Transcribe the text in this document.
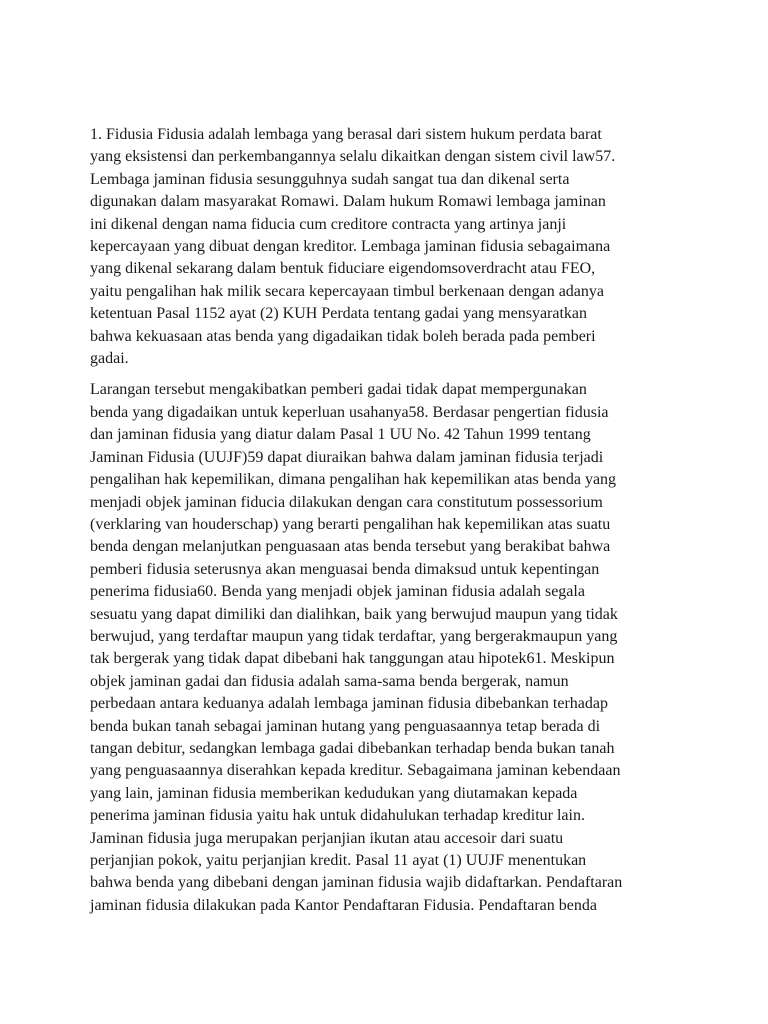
1. Fidusia Fidusia adalah lembaga yang berasal dari sistem hukum perdata barat
yang eksistensi dan perkembangannya selalu dikaitkan dengan sistem civil law57.
Lembaga jaminan fidusia sesungguhnya sudah sangat tua dan dikenal serta
digunakan dalam masyarakat Romawi. Dalam hukum Romawi lembaga jaminan
ini dikenal dengan nama fiducia cum creditore contracta yang artinya janji
kepercayaan yang dibuat dengan kreditor. Lembaga jaminan fidusia sebagaimana
yang dikenal sekarang dalam bentuk fiduciare eigendomsoverdracht atau FEO,
yaitu pengalihan hak milik secara kepercayaan timbul berkenaan dengan adanya
ketentuan Pasal 1152 ayat (2) KUH Perdata tentang gadai yang mensyaratkan
bahwa kekuasaan atas benda yang digadaikan tidak boleh berada pada pemberi
gadai.

Larangan tersebut mengakibatkan pemberi gadai tidak dapat mempergunakan
benda yang digadaikan untuk keperluan usahanya58. Berdasar pengertian fidusia
dan jaminan fidusia yang diatur dalam Pasal 1 UU No. 42 Tahun 1999 tentang
Jaminan Fidusia (UUJF)59 dapat diuraikan bahwa dalam jaminan fidusia terjadi
pengalihan hak kepemilikan, dimana pengalihan hak kepemilikan atas benda yang
menjadi objek jaminan fiducia dilakukan dengan cara constitutum possessorium
(verklaring van houderschap) yang berarti pengalihan hak kepemilikan atas suatu
benda dengan melanjutkan penguasaan atas benda tersebut yang berakibat bahwa
pemberi fidusia seterusnya akan menguasai benda dimaksud untuk kepentingan
penerima fidusia60. Benda yang menjadi objek jaminan fidusia adalah segala
sesuatu yang dapat dimiliki dan dialihkan, baik yang berwujud maupun yang tidak
berwujud, yang terdaftar maupun yang tidak terdaftar, yang bergerakmaupun yang
tak bergerak yang tidak dapat dibebani hak tanggungan atau hipotek61. Meskipun
objek jaminan gadai dan fidusia adalah sama-sama benda bergerak, namun
perbedaan antara keduanya adalah lembaga jaminan fidusia dibebankan terhadap
benda bukan tanah sebagai jaminan hutang yang penguasaannya tetap berada di
tangan debitur, sedangkan lembaga gadai dibebankan terhadap benda bukan tanah
yang penguasaannya diserahkan kepada kreditur. Sebagaimana jaminan kebendaan
yang lain, jaminan fidusia memberikan kedudukan yang diutamakan kepada
penerima jaminan fidusia yaitu hak untuk didahulukan terhadap kreditur lain.
Jaminan fidusia juga merupakan perjanjian ikutan atau accesoir dari suatu
perjanjian pokok, yaitu perjanjian kredit. Pasal 11 ayat (1) UUJF menentukan
bahwa benda yang dibebani dengan jaminan fidusia wajib didaftarkan. Pendaftaran
jaminan fidusia dilakukan pada Kantor Pendaftaran Fidusia. Pendaftaran benda
